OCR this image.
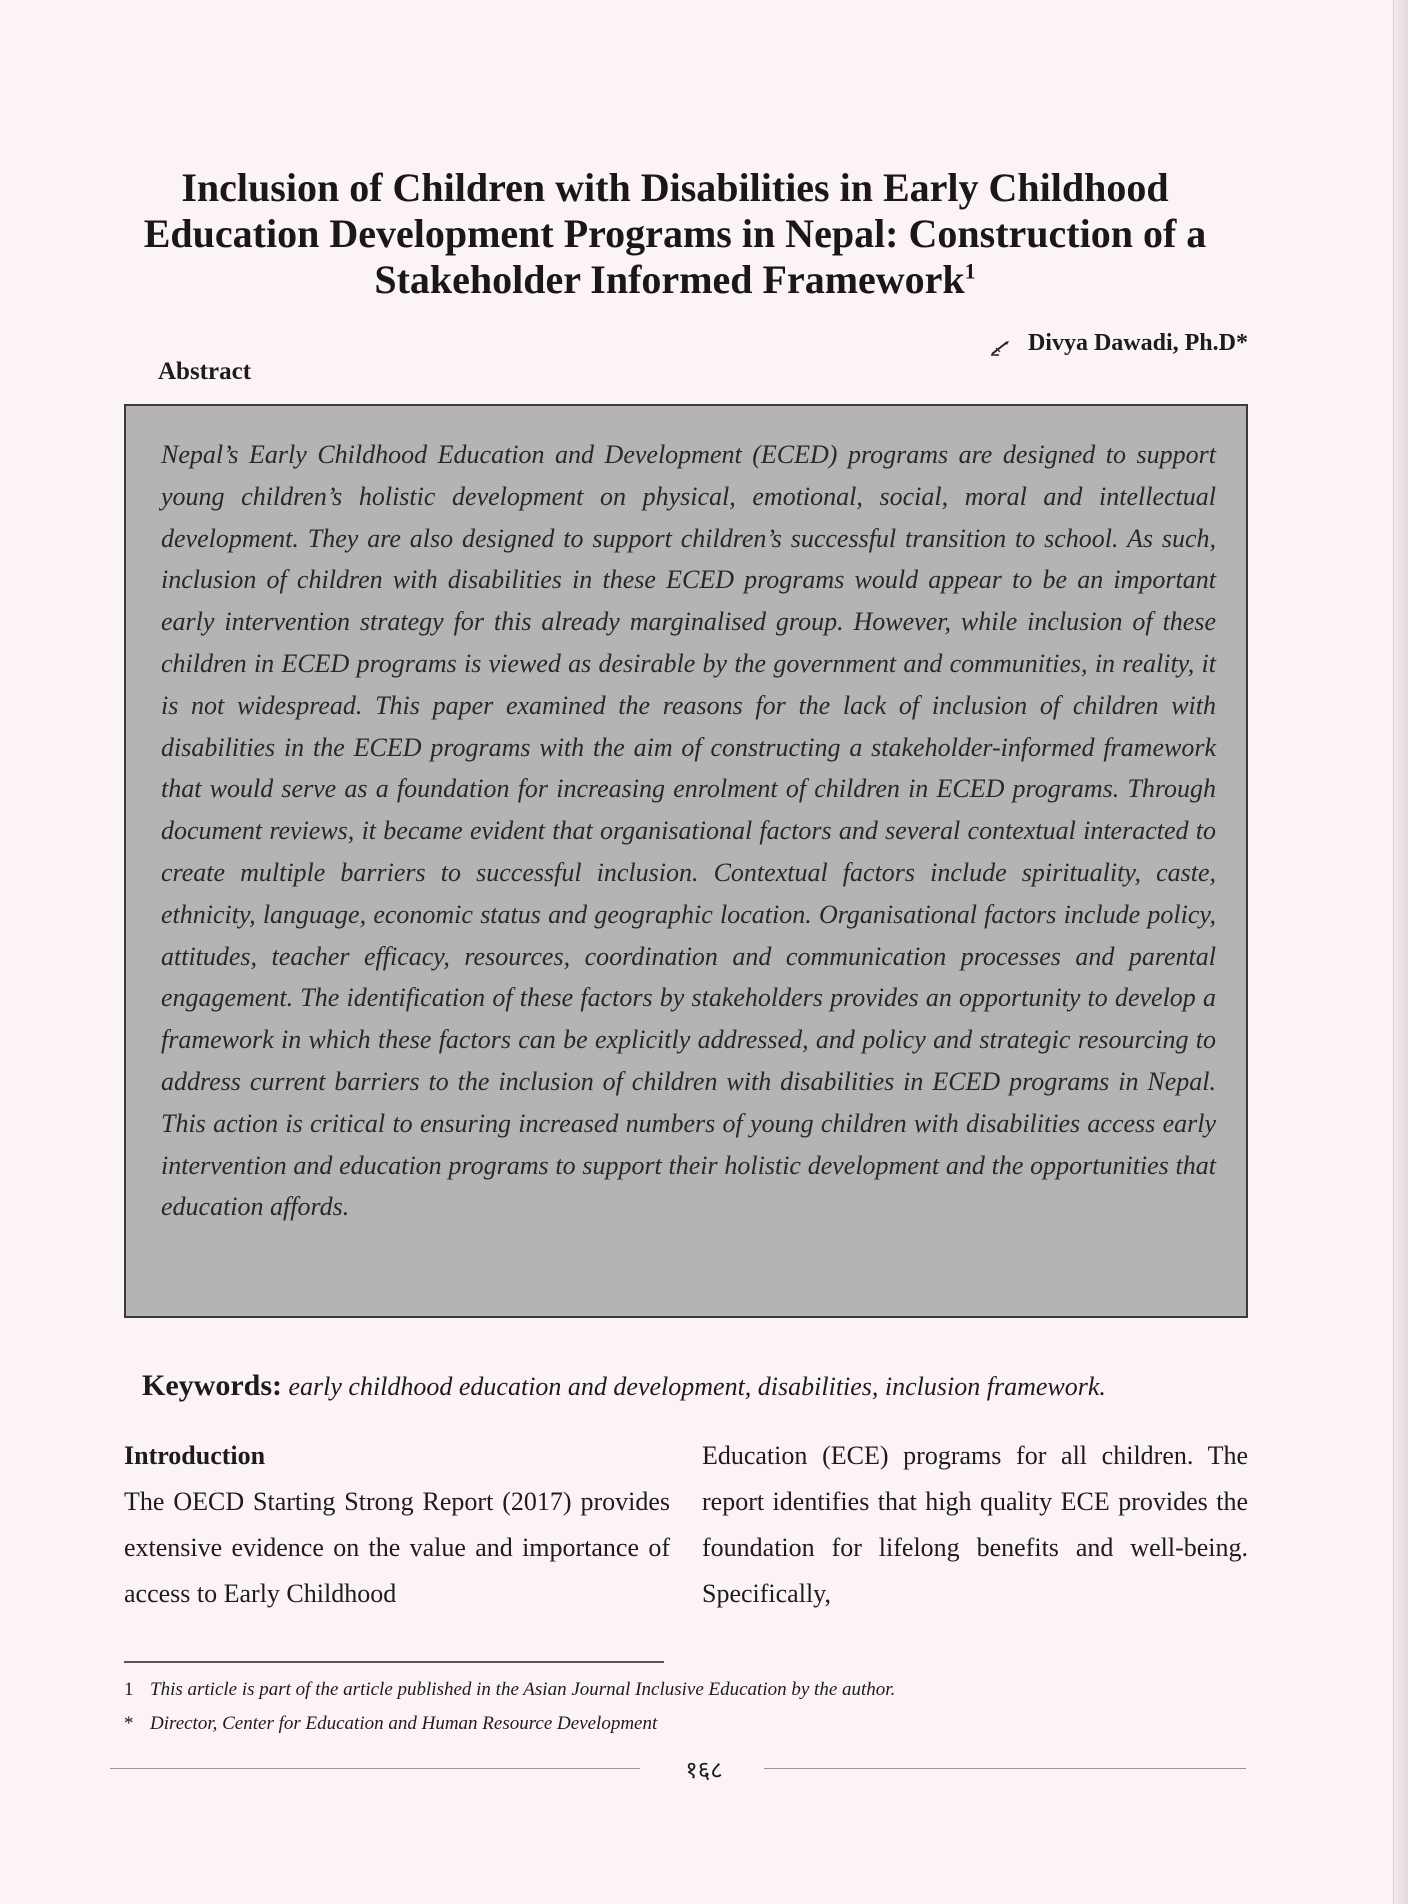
Inclusion of Children with Disabilities in Early Childhood
Education Development Programs in Nepal: Construction of a
Stakeholder Informed Framework$^1$
Divya Dawadi, Ph.D*
Abstract

Nepal’s Early Childhood Education and Development (ECED) programs are designed to support young children’s holistic development on physical, emotional, social, moral and intellectual development. They are also designed to support children’s successful transition to school. As such, inclusion of children with disabilities in these ECED programs would appear to be an important early intervention strategy for this already marginalised group. However, while inclusion of these children in ECED programs is viewed as desirable by the government and communities, in reality, it is not widespread. This paper examined the reasons for the lack of inclusion of children with disabilities in the ECED programs with the aim of constructing a stakeholder-informed framework that would serve as a foundation for increasing enrolment of children in ECED programs. Through document reviews, it became evident that organisational factors and several contextual interacted to create multiple barriers to successful inclusion. Contextual factors include spirituality, caste, ethnicity, language, economic status and geographic location. Organisational factors include policy, attitudes, teacher efficacy, resources, coordination and communication processes and parental engagement. The identification of these factors by stakeholders provides an opportunity to develop a framework in which these factors can be explicitly addressed, and policy and strategic resourcing to address current barriers to the inclusion of children with disabilities in ECED programs in Nepal. This action is critical to ensuring increased numbers of young children with disabilities access early intervention and education programs to support their holistic development and the opportunities that education affords.

Keywords: early childhood education and development, disabilities, inclusion framework.

Introduction

The OECD Starting Strong Report (2017) provides extensive evidence on the value and importance of access to Early Childhood

Education (ECE) programs for all children. The report identifies that high quality ECE provides the foundation for lifelong benefits and well-being. Specifically,

1 This article is part of the article published in the Asian Journal Inclusive Education by the author.
* Director, Center for Education and Human Resource Development
१६८
